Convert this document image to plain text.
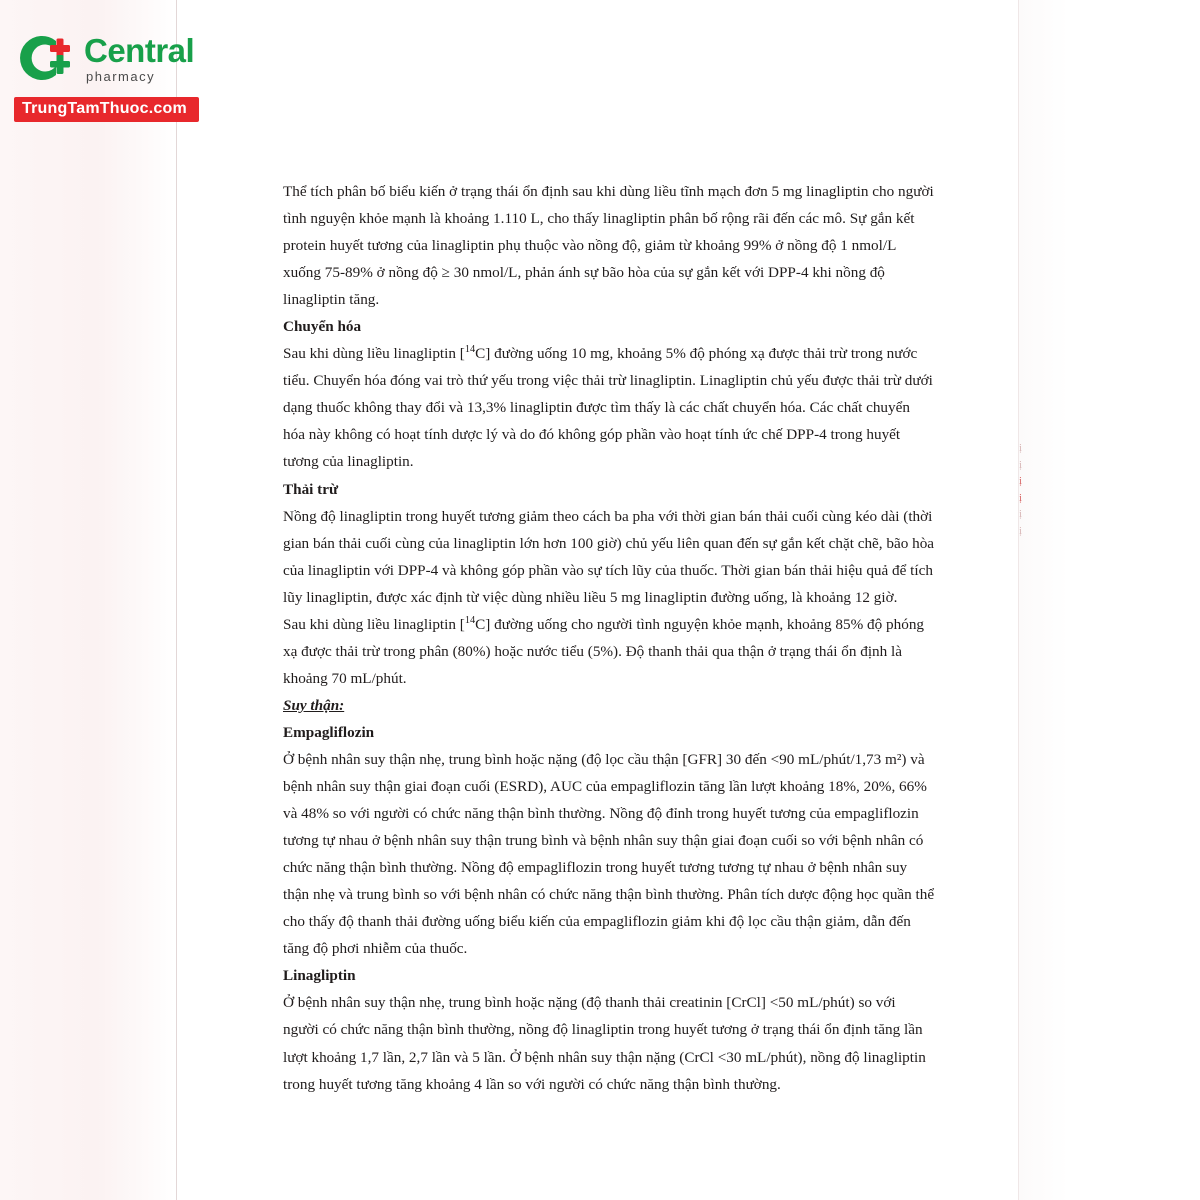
Central
pharmacy
TrungTamThuoc.com

Thể tích phân bố biểu kiến ở trạng thái ổn định sau khi dùng liều tĩnh mạch đơn 5 mg linagliptin cho người tình nguyện khỏe mạnh là khoảng 1.110 L, cho thấy linagliptin phân bố rộng rãi đến các mô. Sự gắn kết protein huyết tương của linagliptin phụ thuộc vào nồng độ, giảm từ khoảng 99% ở nồng độ 1 nmol/L xuống 75-89% ở nồng độ ≥ 30 nmol/L, phản ánh sự bão hòa của sự gắn kết với DPP-4 khi nồng độ linagliptin tăng.

Chuyển hóa

Sau khi dùng liều linagliptin [$^{14}$C] đường uống 10 mg, khoảng 5% độ phóng xạ được thải trừ trong nước tiểu. Chuyển hóa đóng vai trò thứ yếu trong việc thải trừ linagliptin. Linagliptin chủ yếu được thải trừ dưới dạng thuốc không thay đổi và 13,3% linagliptin được tìm thấy là các chất chuyển hóa. Các chất chuyển hóa này không có hoạt tính dược lý và do đó không góp phần vào hoạt tính ức chế DPP-4 trong huyết tương của linagliptin.

Thải trừ

Nồng độ linagliptin trong huyết tương giảm theo cách ba pha với thời gian bán thải cuối cùng kéo dài (thời gian bán thải cuối cùng của linagliptin lớn hơn 100 giờ) chủ yếu liên quan đến sự gắn kết chặt chẽ, bão hòa của linagliptin với DPP-4 và không góp phần vào sự tích lũy của thuốc. Thời gian bán thải hiệu quả để tích lũy linagliptin, được xác định từ việc dùng nhiều liều 5 mg linagliptin đường uống, là khoảng 12 giờ.

Sau khi dùng liều linagliptin [$^{14}$C] đường uống cho người tình nguyện khỏe mạnh, khoảng 85% độ phóng xạ được thải trừ trong phân (80%) hoặc nước tiểu (5%). Độ thanh thải qua thận ở trạng thái ổn định là khoảng 70 mL/phút.

Suy thận:

Empagliflozin

Ở bệnh nhân suy thận nhẹ, trung bình hoặc nặng (độ lọc cầu thận [GFR] 30 đến <90 mL/phút/1,73 m²) và bệnh nhân suy thận giai đoạn cuối (ESRD), AUC của empagliflozin tăng lần lượt khoảng 18%, 20%, 66% và 48% so với người có chức năng thận bình thường. Nồng độ đỉnh trong huyết tương của empagliflozin tương tự nhau ở bệnh nhân suy thận trung bình và bệnh nhân suy thận giai đoạn cuối so với bệnh nhân có chức năng thận bình thường. Nồng độ empagliflozin trong huyết tương tương tự nhau ở bệnh nhân suy thận nhẹ và trung bình so với bệnh nhân có chức năng thận bình thường. Phân tích dược động học quần thể cho thấy độ thanh thải đường uống biểu kiến của empagliflozin giảm khi độ lọc cầu thận giảm, dẫn đến tăng độ phơi nhiễm của thuốc.

Linagliptin

Ở bệnh nhân suy thận nhẹ, trung bình hoặc nặng (độ thanh thải creatinin [CrCl] <50 mL/phút) so với người có chức năng thận bình thường, nồng độ linagliptin trong huyết tương ở trạng thái ổn định tăng lần lượt khoảng 1,7 lần, 2,7 lần và 5 lần. Ở bệnh nhân suy thận nặng (CrCl <30 mL/phút), nồng độ linagliptin trong huyết tương tăng khoảng 4 lần so với người có chức năng thận bình thường.

ị
ị
ị
ị
ị
ị
